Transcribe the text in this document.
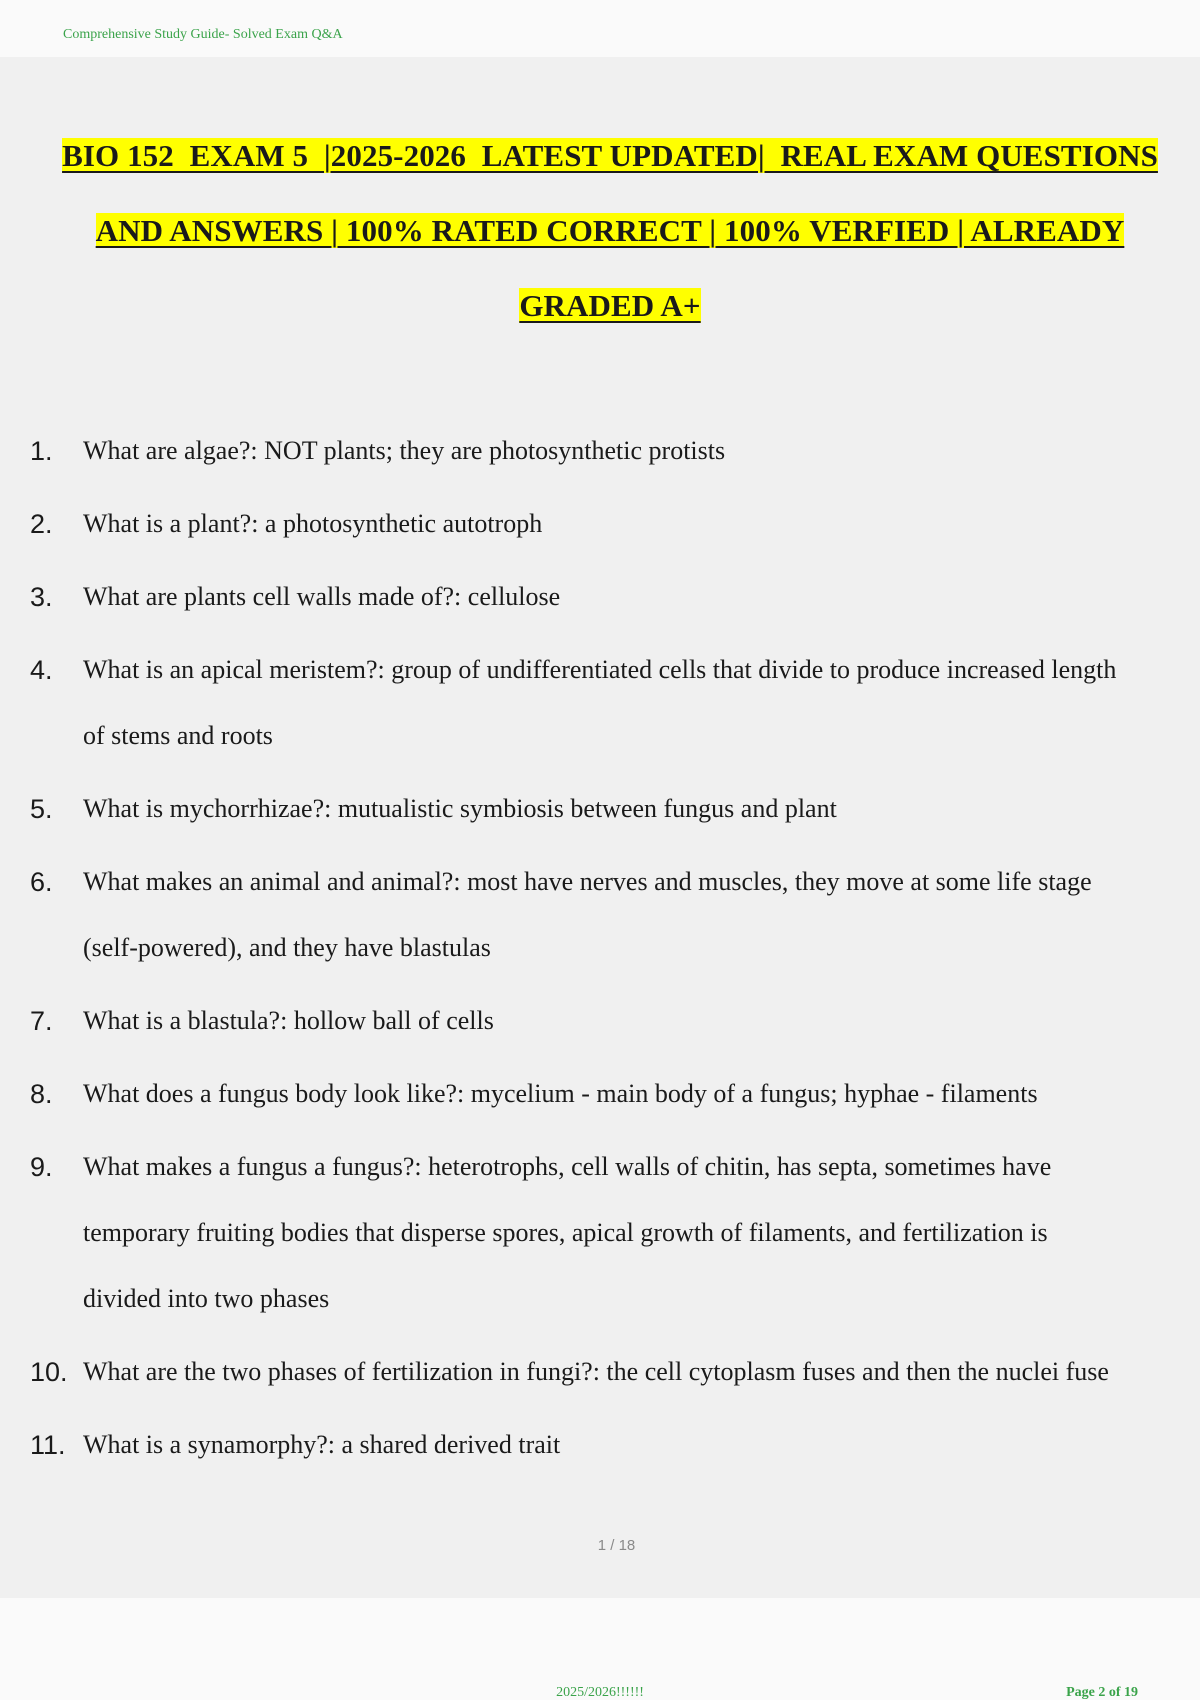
Comprehensive Study Guide- Solved Exam Q&A
BIO 152  EXAM 5  |2025-2026  LATEST UPDATED|  REAL EXAM QUESTIONS
AND ANSWERS | 100% RATED CORRECT | 100% VERFIED | ALREADY
GRADED A+
1. What are algae?: NOT plants; they are photosynthetic protists
2. What is a plant?: a photosynthetic autotroph
3. What are plants cell walls made of?: cellulose
4. What is an apical meristem?: group of undifferentiated cells that divide to produce increased length
of stems and roots
5. What is mychorrhizae?: mutualistic symbiosis between fungus and plant
6. What makes an animal and animal?: most have nerves and muscles, they move at some life stage
(self-powered), and they have blastulas
7. What is a blastula?: hollow ball of cells
8. What does a fungus body look like?: mycelium - main body of a fungus; hyphae - filaments
9. What makes a fungus a fungus?: heterotrophs, cell walls of chitin, has septa, sometimes have
temporary fruiting bodies that disperse spores, apical growth of filaments, and fertilization is
divided into two phases
10. What are the two phases of fertilization in fungi?: the cell cytoplasm fuses and then the nuclei fuse
11. What is a synamorphy?: a shared derived trait
1 / 18
2025/2026!!!!!!	Page 2 of 19
